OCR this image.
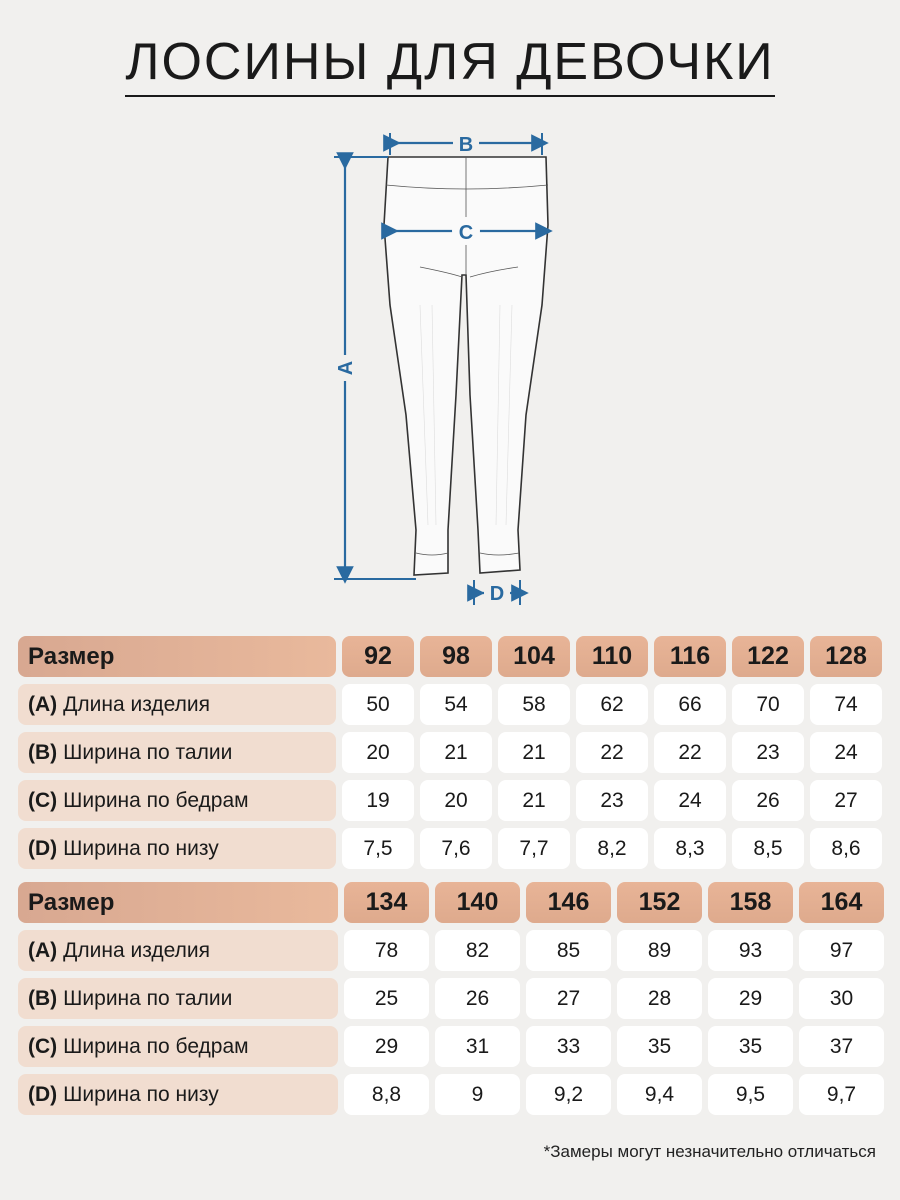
ЛОСИНЫ ДЛЯ ДЕВОЧКИ
B
C
A
D
Размер	92	98	104	110	116	122	128
(A) Длина изделия	50	54	58	62	66	70	74
(B) Ширина по талии	20	21	21	22	22	23	24
(C) Ширина по бедрам	19	20	21	23	24	26	27
(D) Ширина по низу	7,5	7,6	7,7	8,2	8,3	8,5	8,6
Размер	134	140	146	152	158	164
(A) Длина изделия	78	82	85	89	93	97
(B) Ширина по талии	25	26	27	28	29	30
(C) Ширина по бедрам	29	31	33	35	35	37
(D) Ширина по низу	8,8	9	9,2	9,4	9,5	9,7
*Замеры могут незначительно отличаться
